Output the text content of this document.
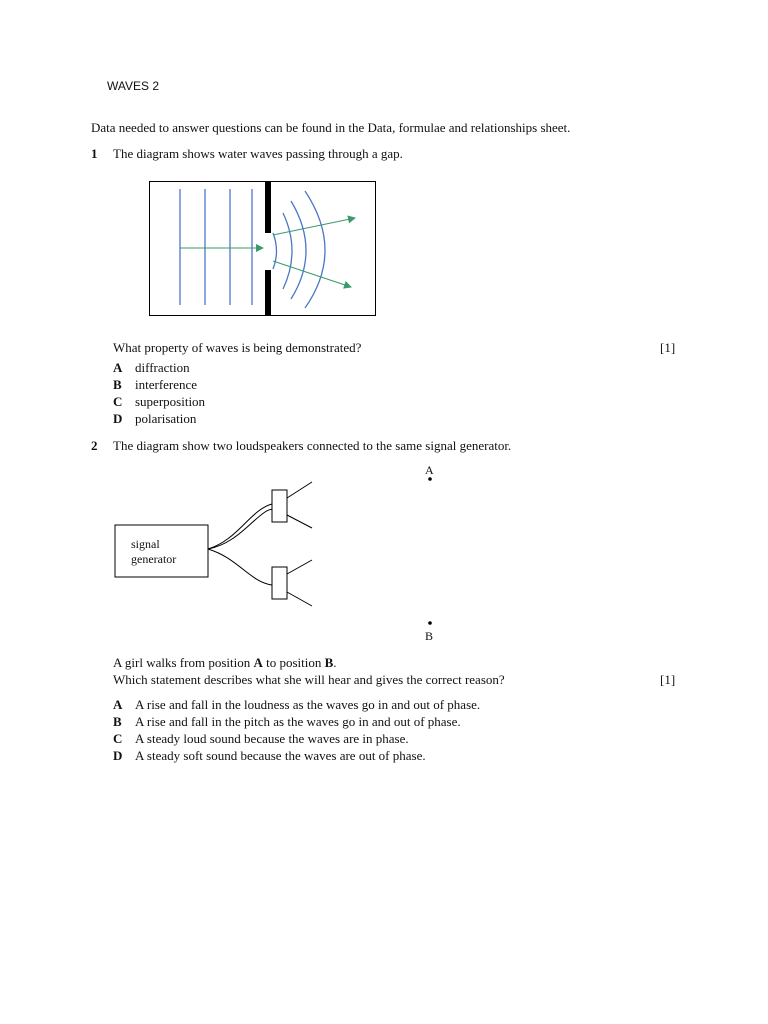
WAVES 2
Data needed to answer questions can be found in the Data, formulae and relationships sheet.
1 The diagram shows water waves passing through a gap.
What property of waves is being demonstrated?	[1]
A diffraction
B interference
C superposition
D polarisation
2 The diagram show two loudspeakers connected to the same signal generator.
signal
generator
A
B
A girl walks from position A to position B.
Which statement describes what she will hear and gives the correct reason?	[1]
A A rise and fall in the loudness as the waves go in and out of phase.
B A rise and fall in the pitch as the waves go in and out of phase.
C A steady loud sound because the waves are in phase.
D A steady soft sound because the waves are out of phase.
